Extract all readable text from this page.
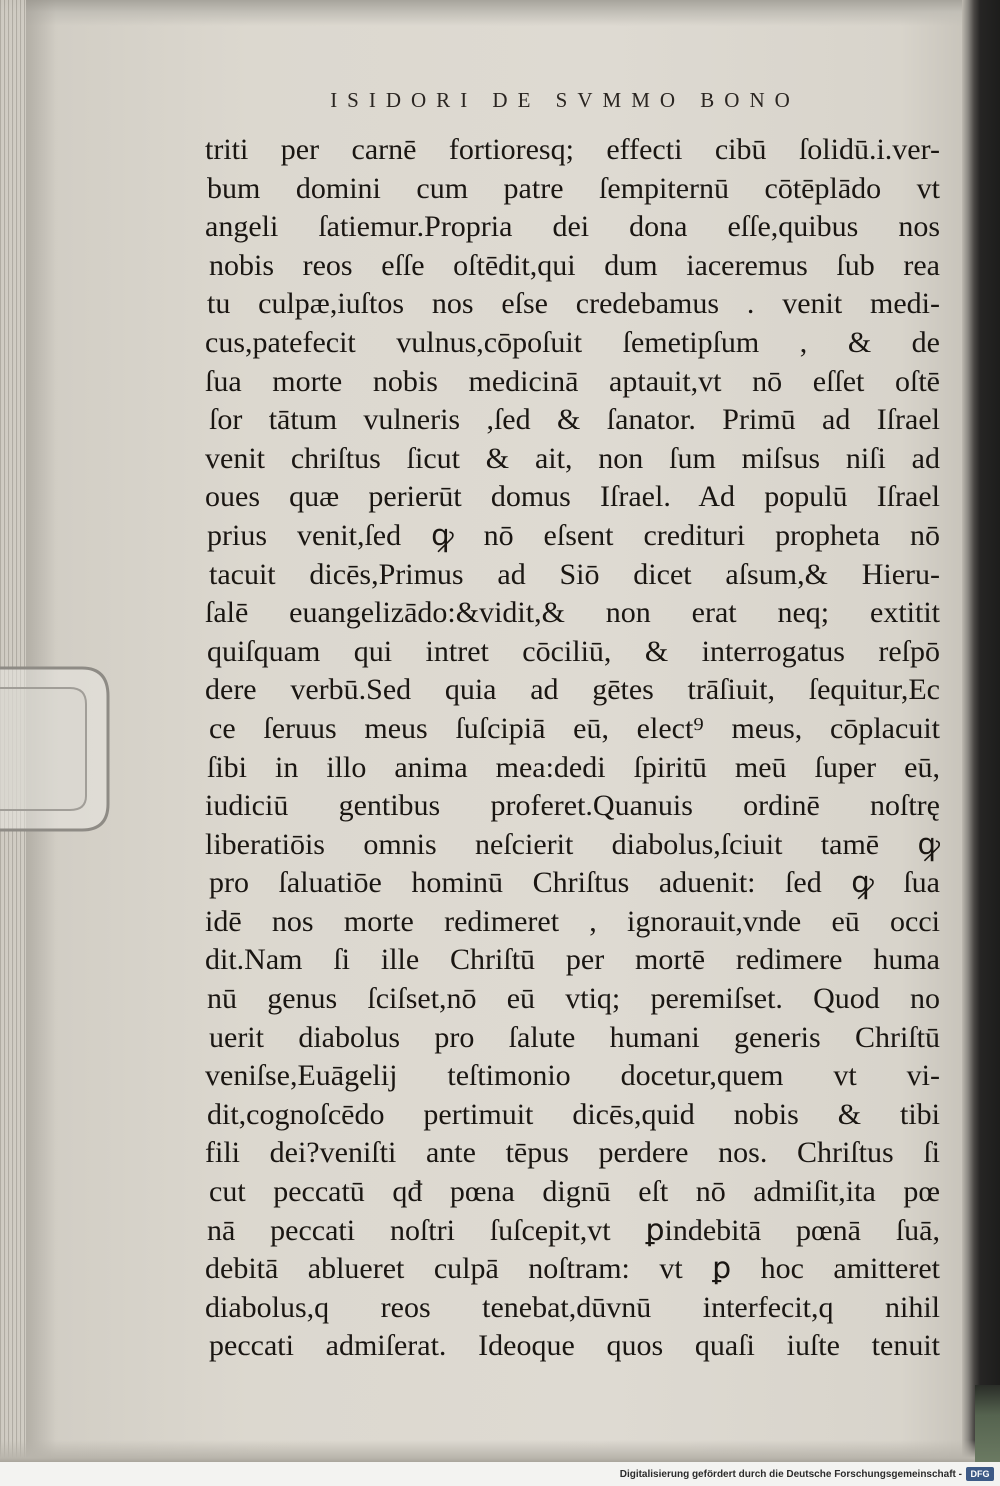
ISIDORI DE SVMMO BONO
triti per carnē fortioresq; effecti cibū ſolidū.i.ver-
bum domini cum patre ſempiternū cōtēplādo vt
angeli ſatiemur.Propria dei dona eſſe,quibus nos
nobis reos eſſe oſtēdit,qui dum iaceremus ſub rea
tu culpæ,iuſtos nos eſse credebamus . venit medi-
cus,patefecit vulnus,cōpoſuit ſemetipſum , & de
ſua morte nobis medicinā aptauit,vt nō eſſet oſtē
ſor tātum vulneris ,ſed & ſanator. Primū ad Iſrael
venit chriſtus ſicut & ait, non ſum miſsus niſi ad
oues quæ perierūt domus Iſrael. Ad populū Iſrael
prius venit,ſed ꝙ nō eſsent credituri propheta nō
tacuit dicēs,Primus ad Siō dicet aſsum,& Hieru-
ſalē euangelizādo:&vidit,& non erat neq; extitit
quiſquam qui intret cōciliū, & interrogatus reſpō
dere verbū.Sed quia ad gētes trāſiuit, ſequitur,Ec
ce ſeruus meus ſuſcipiā eū, elect⁹ meus, cōplacuit
ſibi in illo anima mea:dedi ſpiritū meū ſuper eū,
iudiciū gentibus proferet.Quanuis ordinē noſtrę
liberatiōis omnis neſcierit diabolus,ſciuit tamē ꝙ
pro ſaluatiōe hominū Chriſtus aduenit: ſed ꝙ ſua
idē nos morte redimeret , ignorauit,vnde eū occi
dit.Nam ſi ille Chriſtū per mortē redimere huma
nū genus ſciſset,nō eū vtiq; peremiſset. Quod no
uerit diabolus pro ſalute humani generis Chriſtū
veniſse,Euāgelij teſtimonio docetur,quem vt vi-
dit,cognoſcēdo pertimuit dicēs,quid nobis & tibi
fili dei?veniſti ante tēpus perdere nos. Chriſtus ſi
cut peccatū qđ pœna dignū eſt nō admiſit,ita pœ
nā peccati noſtri ſuſcepit,vt ꝑindebitā pœnā ſuā,
debitā ablueret culpā noſtram: vt ꝑ hoc amitteret
diabolus,q reos tenebat,dūvnū interfecit,q nihil
peccati admiſerat. Ideoque quos quaſi iuſte tenuit
Digitalisierung gefördert durch die Deutsche Forschungsgemeinschaft - DFG
